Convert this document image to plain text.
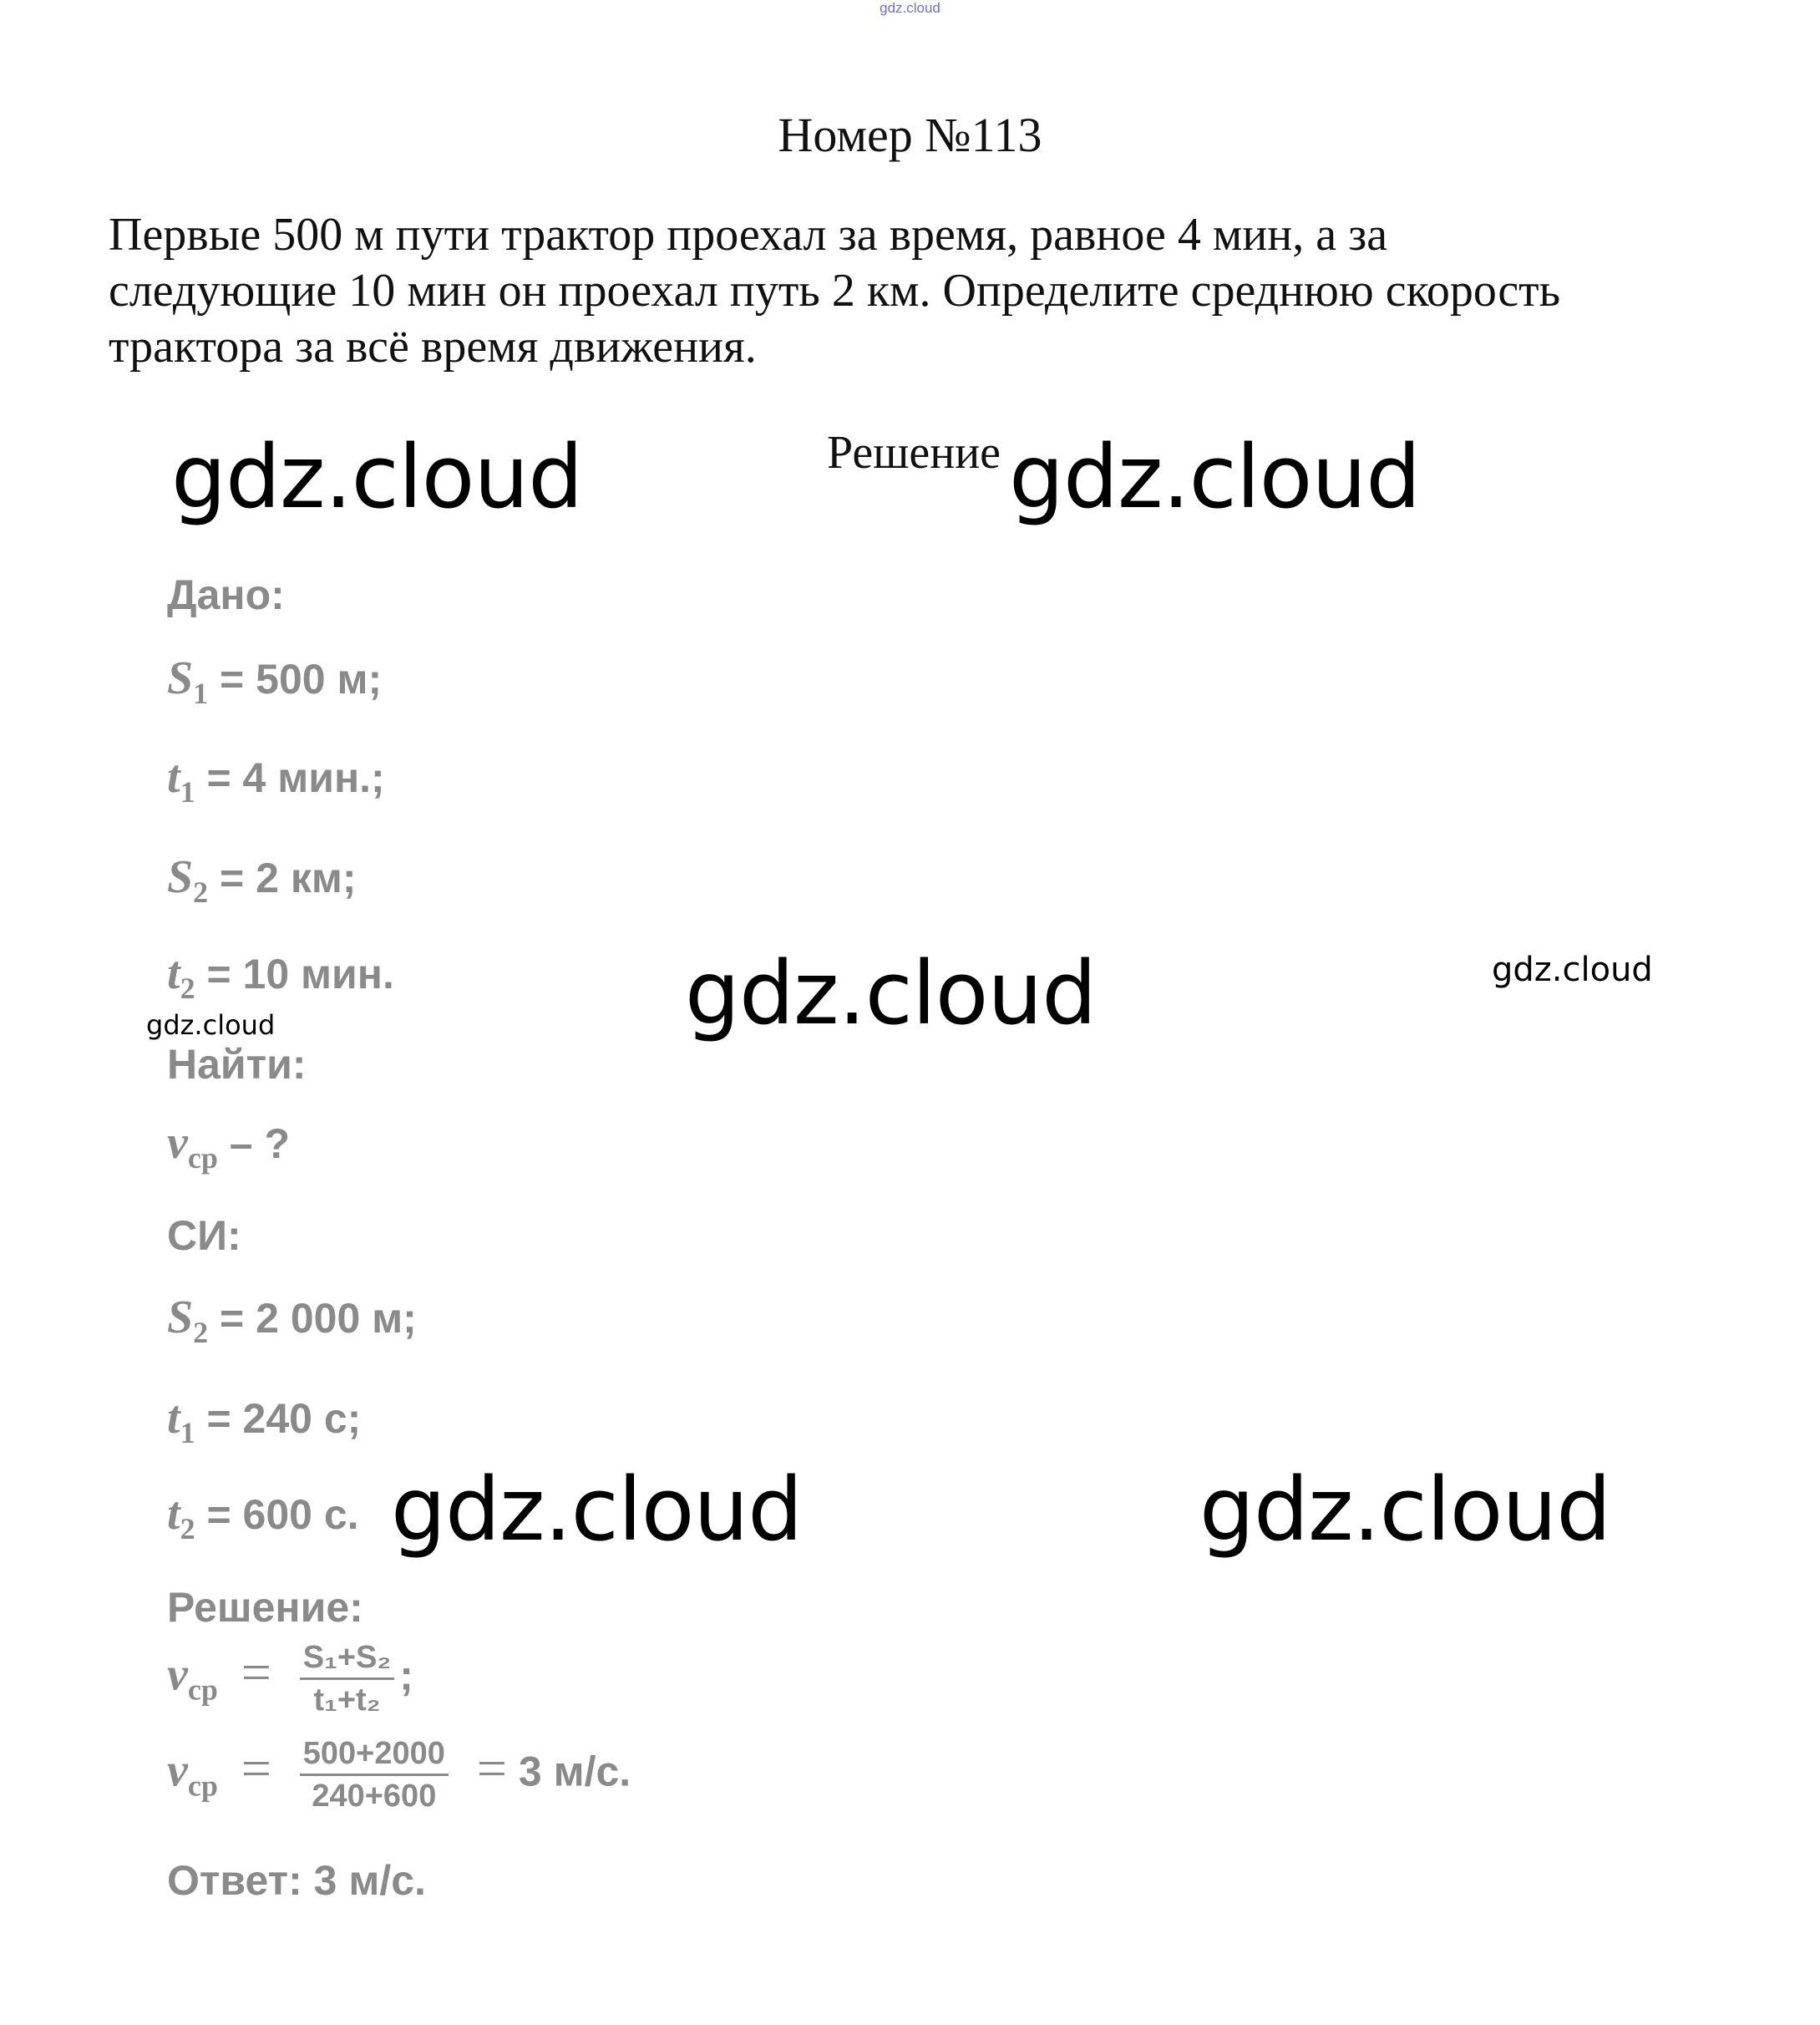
gdz.cloud
Номер №113
Первые 500 м пути трактор проехал за время, равное 4 мин, а за
следующие 10 мин он проехал путь 2 км. Определите среднюю скорость
трактора за всё время движения.
Решение
gdz.cloud	gdz.cloud
gdz.cloud	gdz.cloud
gdz.cloud
gdz.cloud	gdz.cloud
Дано:
$S_1 = 500$ м;
$t_1 = 4$ мин.;
$S_2 = 2$ км;
$t_2 = 10$ мин.
Найти:
$v_{ср}$ – ?
СИ:
$S_2 = 2$ 000 м;
$t_1 = 240$ с;
$t_2 = 600$ с.
Решение:
$v_{ср} = \frac{\text{S₁+S₂}}{\text{t₁+t₂}}$ ;
$v_{ср} = \frac{500+2000}{240+600} = 3$ м/с.
Ответ: 3 м/с.
